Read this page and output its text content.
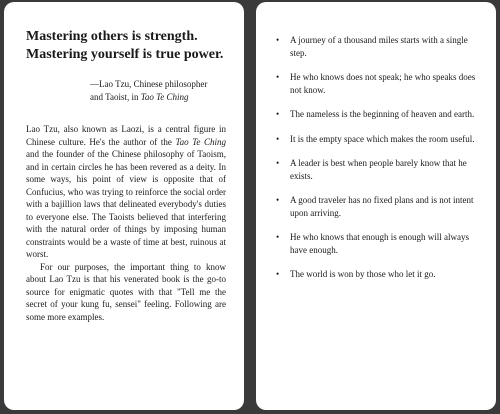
Mastering others is strength.
Mastering yourself is true power.

—Lao Tzu, Chinese philosopher and Taoist, in Tao Te Ching

Lao Tzu, also known as Laozi, is a central figure in Chinese culture. He's the author of the Tao Te Ching and the founder of the Chinese philosophy of Taoism, and in certain circles he has been revered as a deity. In some ways, his point of view is opposite that of Confucius, who was trying to reinforce the social order with a bajillion laws that delineated everybody's duties to everyone else. The Taoists believed that interfering with the natural order of things by imposing human constraints would be a waste of time at best, ruinous at worst.

For our purposes, the important thing to know about Lao Tzu is that his venerated book is the go-to source for enigmatic quotes with that "Tell me the secret of your kung fu, sensei" feeling. Following are some more examples.

• A journey of a thousand miles starts with a single step.
• He who knows does not speak; he who speaks does not know.
• The nameless is the beginning of heaven and earth.
• It is the empty space which makes the room useful.
• A leader is best when people barely know that he exists.
• A good traveler has no fixed plans and is not intent upon arriving.
• He who knows that enough is enough will always have enough.
• The world is won by those who let it go.
